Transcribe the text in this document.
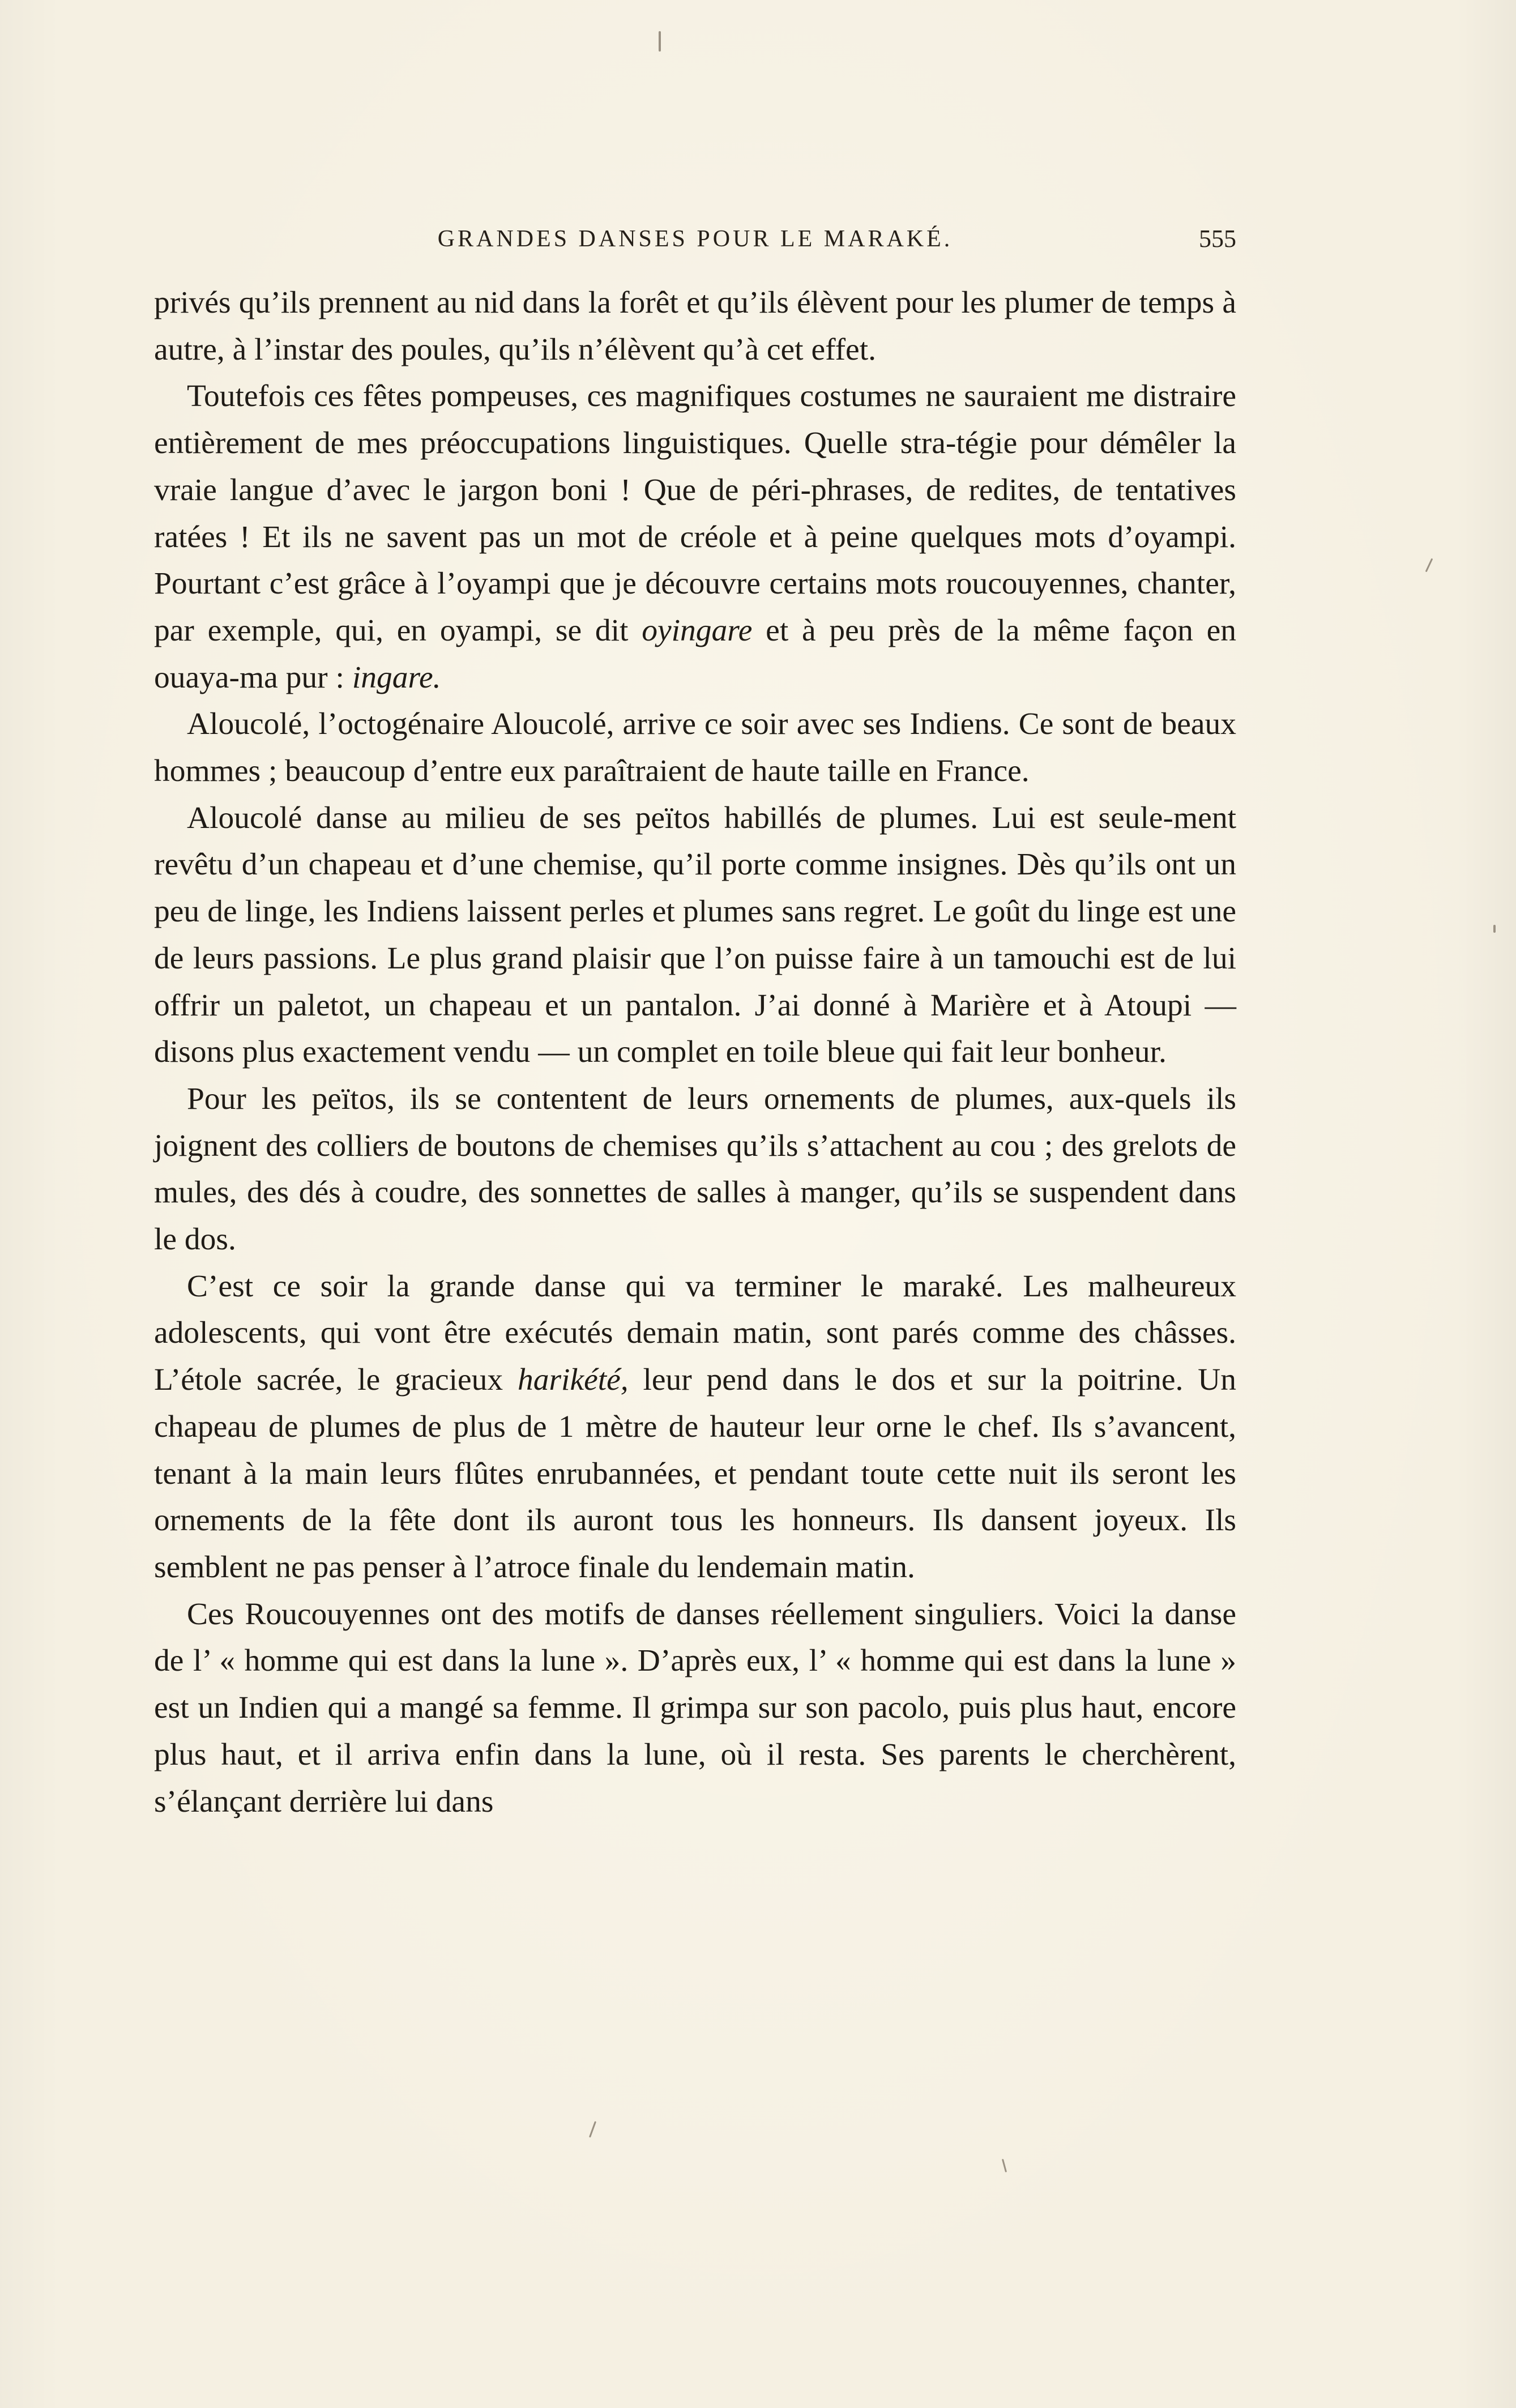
GRANDES DANSES POUR LE MARAKÉ.	555

privés qu’ils prennent au nid dans la forêt et qu’ils élèvent pour les plumer de temps à autre, à l’instar des poules, qu’ils n’élèvent qu’à cet effet.

Toutefois ces fêtes pompeuses, ces magnifiques costumes ne sauraient me distraire entièrement de mes préoccupations linguistiques. Quelle stra-tégie pour démêler la vraie langue d’avec le jargon boni ! Que de péri-phrases, de redites, de tentatives ratées ! Et ils ne savent pas un mot de créole et à peine quelques mots d’oyampi. Pourtant c’est grâce à l’oyampi que je découvre certains mots roucouyennes, chanter, par exemple, qui, en oyampi, se dit oyingare et à peu près de la même façon en ouaya-ma pur : ingare.

Aloucolé, l’octogénaire Aloucolé, arrive ce soir avec ses Indiens. Ce sont de beaux hommes ; beaucoup d’entre eux paraîtraient de haute taille en France.

Aloucolé danse au milieu de ses peïtos habillés de plumes. Lui est seule-ment revêtu d’un chapeau et d’une chemise, qu’il porte comme insignes. Dès qu’ils ont un peu de linge, les Indiens laissent perles et plumes sans regret. Le goût du linge est une de leurs passions. Le plus grand plaisir que l’on puisse faire à un tamouchi est de lui offrir un paletot, un chapeau et un pantalon. J’ai donné à Marière et à Atoupi — disons plus exactement vendu — un complet en toile bleue qui fait leur bonheur.

Pour les peïtos, ils se contentent de leurs ornements de plumes, aux-quels ils joignent des colliers de boutons de chemises qu’ils s’attachent au cou ; des grelots de mules, des dés à coudre, des sonnettes de salles à manger, qu’ils se suspendent dans le dos.

C’est ce soir la grande danse qui va terminer le maraké. Les malheureux adolescents, qui vont être exécutés demain matin, sont parés comme des châsses. L’étole sacrée, le gracieux harikété, leur pend dans le dos et sur la poitrine. Un chapeau de plumes de plus de 1 mètre de hauteur leur orne le chef. Ils s’avancent, tenant à la main leurs flûtes enrubannées, et pendant toute cette nuit ils seront les ornements de la fête dont ils auront tous les honneurs. Ils dansent joyeux. Ils semblent ne pas penser à l’atroce finale du lendemain matin.

Ces Roucouyennes ont des motifs de danses réellement singuliers. Voici la danse de l’ « homme qui est dans la lune ». D’après eux, l’ « homme qui est dans la lune » est un Indien qui a mangé sa femme. Il grimpa sur son pacolo, puis plus haut, encore plus haut, et il arriva enfin dans la lune, où il resta. Ses parents le cherchèrent, s’élançant derrière lui dans
